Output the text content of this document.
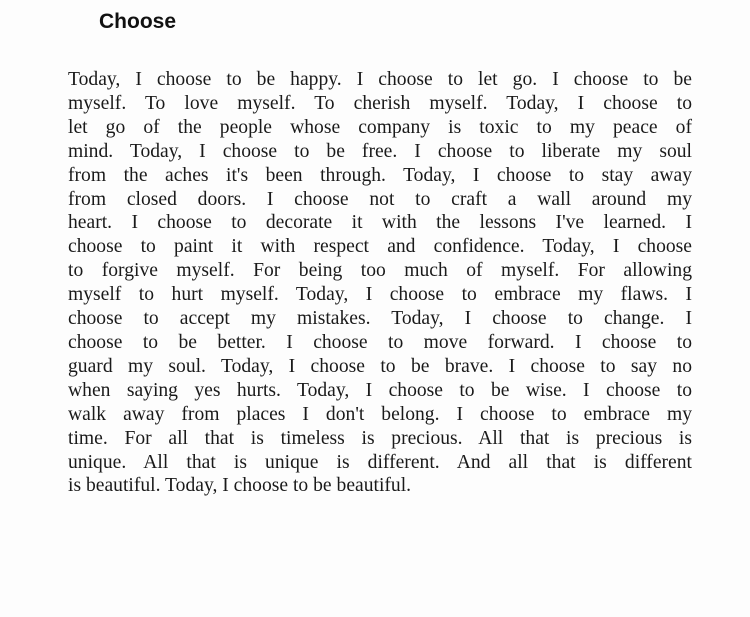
Choose
Today, I choose to be happy. I choose to let go. I choose to be
myself. To love myself. To cherish myself. Today, I choose to
let go of the people whose company is toxic to my peace of
mind. Today, I choose to be free. I choose to liberate my soul
from the aches it's been through. Today, I choose to stay away
from closed doors. I choose not to craft a wall around my
heart. I choose to decorate it with the lessons I've learned. I
choose to paint it with respect and confidence. Today, I choose
to forgive myself. For being too much of myself. For allowing
myself to hurt myself. Today, I choose to embrace my flaws. I
choose to accept my mistakes. Today, I choose to change. I
choose to be better. I choose to move forward. I choose to
guard my soul. Today, I choose to be brave. I choose to say no
when saying yes hurts. Today, I choose to be wise. I choose to
walk away from places I don't belong. I choose to embrace my
time. For all that is timeless is precious. All that is precious is
unique. All that is unique is different. And all that is different
is beautiful. Today, I choose to be beautiful.
